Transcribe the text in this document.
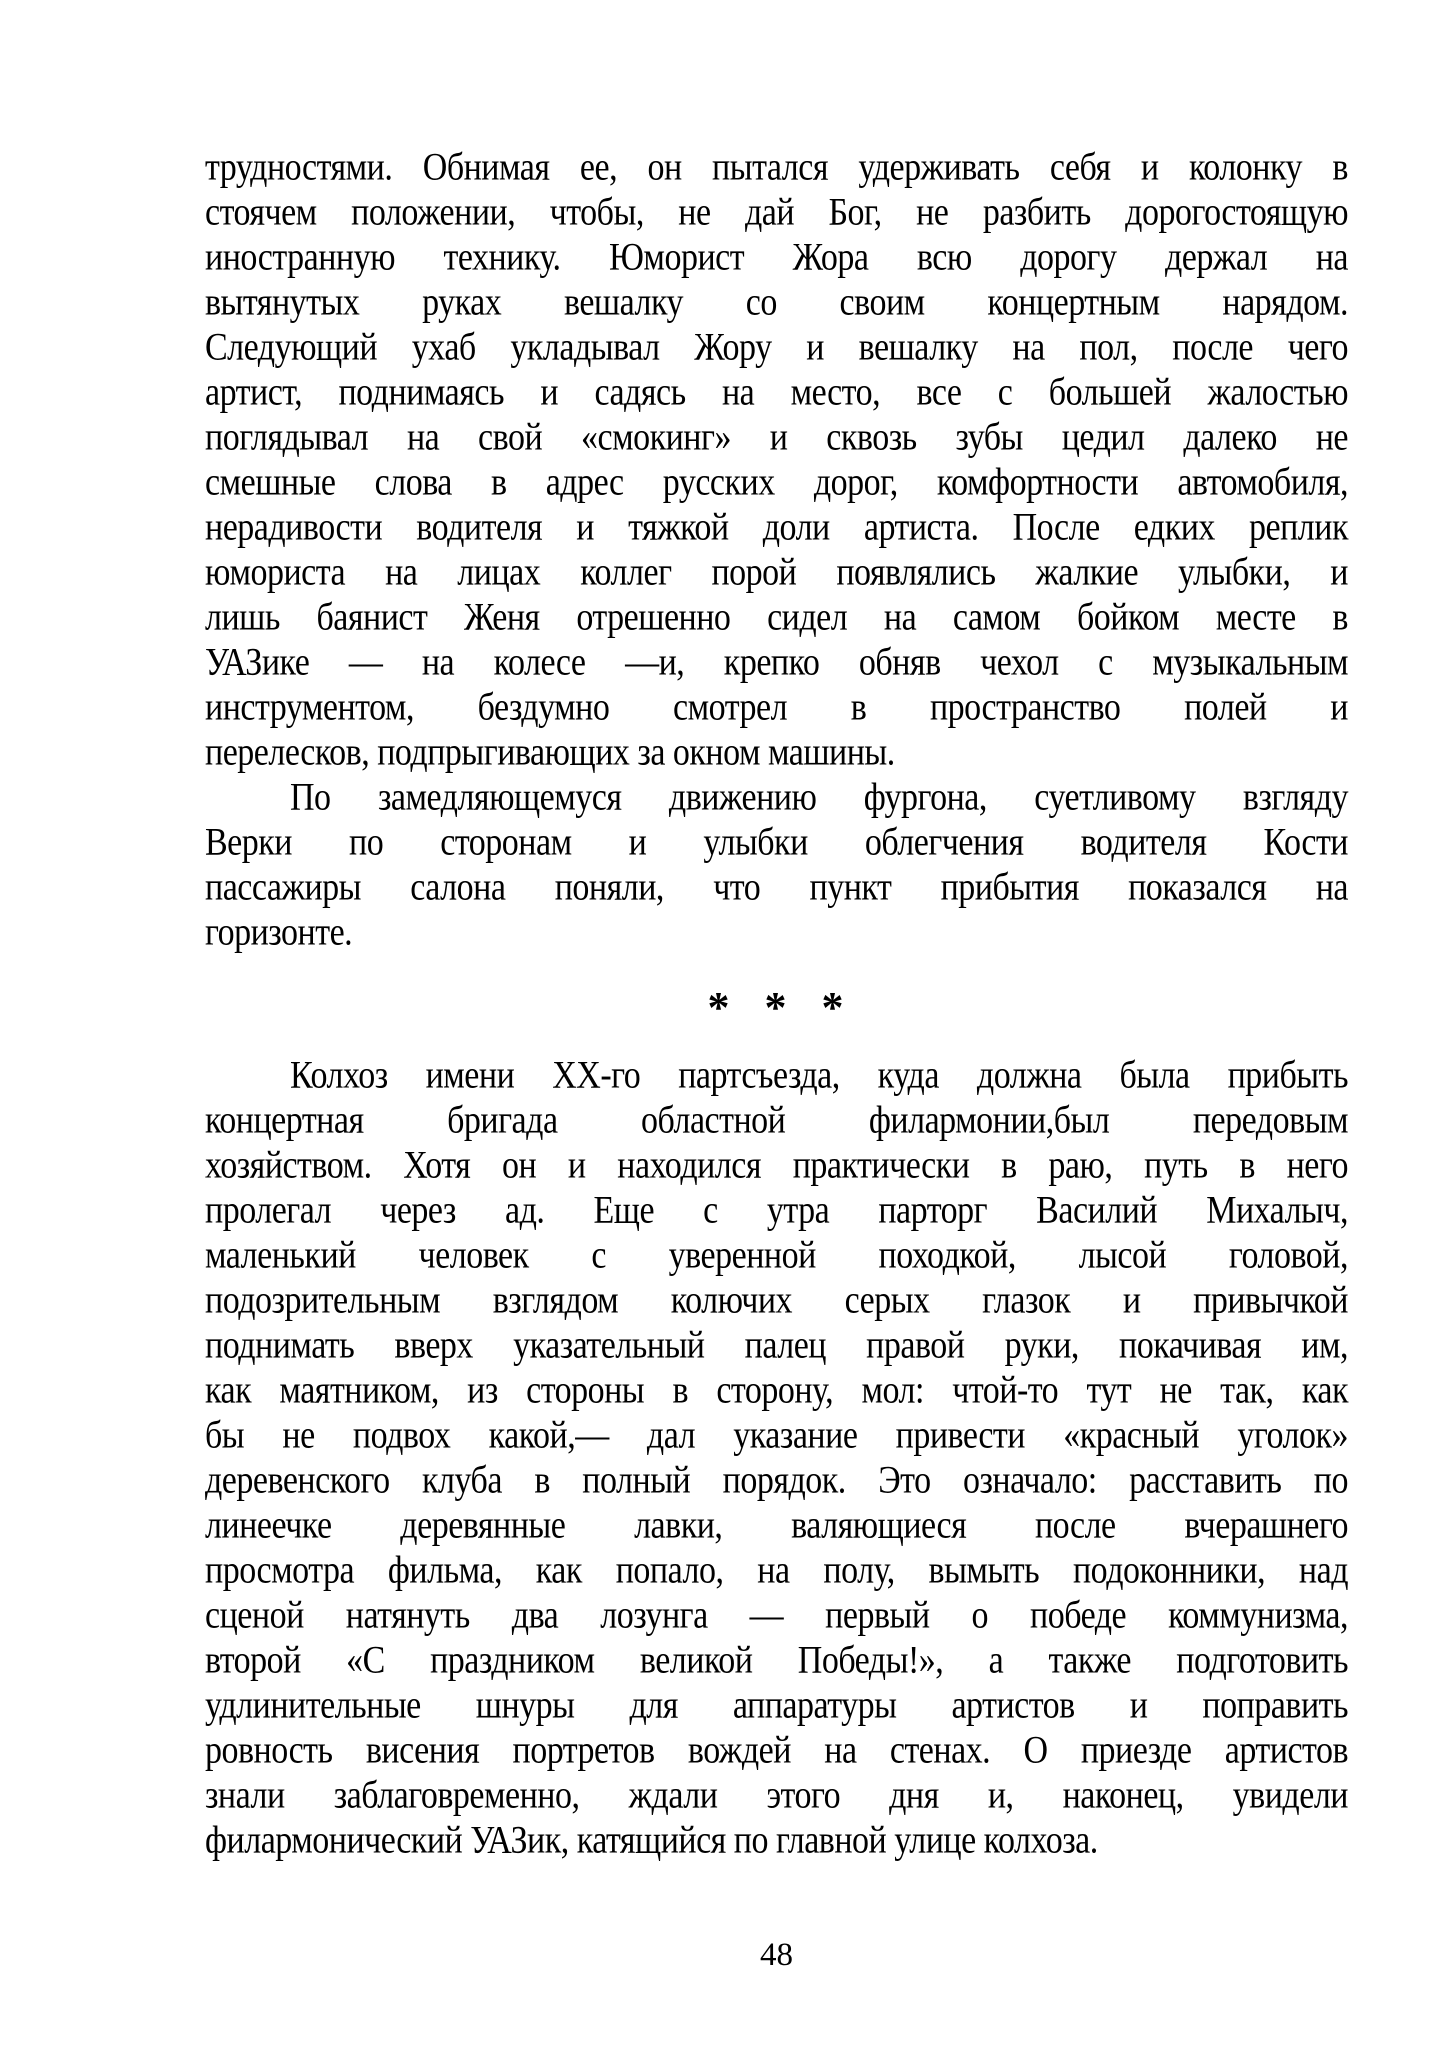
трудностями. Обнимая ее, он пытался удерживать себя и колонку в
стоячем положении, чтобы, не дай Бог, не разбить дорогостоящую
иностранную технику. Юморист Жора всю дорогу держал на
вытянутых руках вешалку со своим концертным нарядом.
Следующий ухаб укладывал Жору и вешалку на пол, после чего
артист, поднимаясь и садясь на место, все с большей жалостью
поглядывал на свой «смокинг» и сквозь зубы цедил далеко не
смешные слова в адрес русских дорог, комфортности автомобиля,
нерадивости водителя и тяжкой доли артиста. После едких реплик
юмориста на лицах коллег порой появлялись жалкие улыбки, и
лишь баянист Женя отрешенно сидел на самом бойком месте в
УАЗике — на колесе —и, крепко обняв чехол с музыкальным
инструментом, бездумно смотрел в пространство полей и
перелесков, подпрыгивающих за окном машины.
По замедляющемуся движению фургона, суетливому взгляду
Верки по сторонам и улыбки облегчения водителя Кости
пассажиры салона поняли, что пункт прибытия показался на
горизонте.
* * *
Колхоз имени XX-го партсъезда, куда должна была прибыть
концертная бригада областной филармонии,был передовым
хозяйством. Хотя он и находился практически в раю, путь в него
пролегал через ад. Еще с утра парторг Василий Михалыч,
маленький человек с уверенной походкой, лысой головой,
подозрительным взглядом колючих серых глазок и привычкой
поднимать вверх указательный палец правой руки, покачивая им,
как маятником, из стороны в сторону, мол: чтой-то тут не так, как
бы не подвох какой,— дал указание привести «красный уголок»
деревенского клуба в полный порядок. Это означало: расставить по
линеечке деревянные лавки, валяющиеся после вчерашнего
просмотра фильма, как попало, на полу, вымыть подоконники, над
сценой натянуть два лозунга — первый о победе коммунизма,
второй «С праздником великой Победы!», а также подготовить
удлинительные шнуры для аппаратуры артистов и поправить
ровность висения портретов вождей на стенах. О приезде артистов
знали заблаговременно, ждали этого дня и, наконец, увидели
филармонический УАЗик, катящийся по главной улице колхоза.
48
